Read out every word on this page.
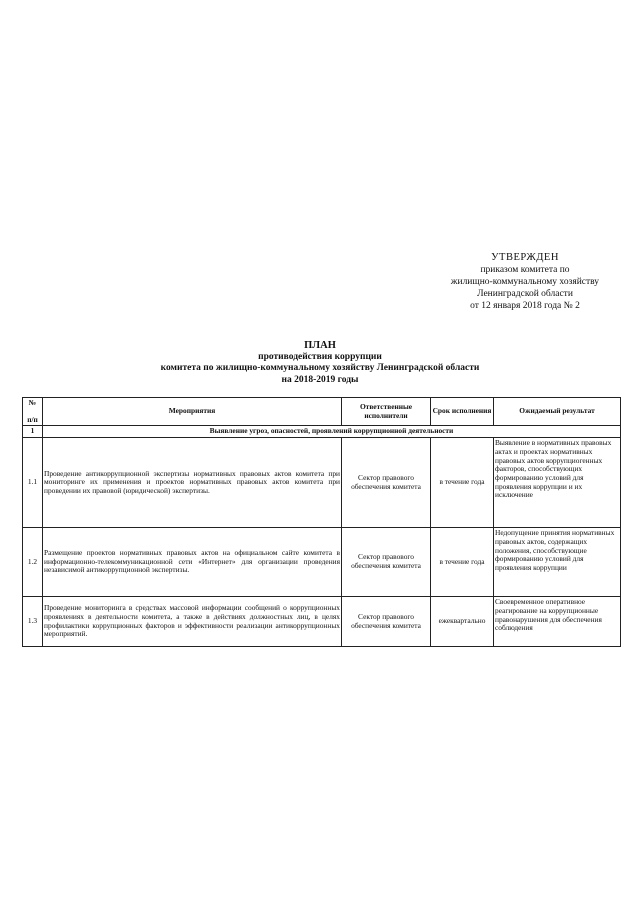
УТВЕРЖДЕН
приказом комитета по
жилищно-коммунальному хозяйству
Ленинградской области
от 12 января 2018 года № 2
ПЛАН
противодействия коррупции
комитета по жилищно-коммунальному хозяйству Ленинградской области
на 2018-2019 годы
№
п/п	Мероприятия	Ответственные исполнители	Срок исполнения	Ожидаемый результат
1	Выявление угроз, опасностей, проявлений коррупционной деятельности			
1.1	Проведение антикоррупционной экспертизы нормативных правовых актов комитета при мониторинге их применения и проектов нормативных правовых актов комитета при проведении их правовой (юридической) экспертизы.	Сектор правового обеспечения комитета	в течение года	Выявление в нормативных правовых актах и проектах нормативных правовых актов коррупциогенных факторов, способствующих формированию условий для проявления коррупции и их исключение

1.2	Размещение проектов нормативных правовых актов на официальном сайте комитета в информационно-телекоммуникационной сети «Интернет» для организации проведения независимой антикоррупционной экспертизы.	Сектор правового обеспечения комитета	в течение года	Недопущение принятия нормативных правовых актов, содержащих положения, способствующие формированию условий для проявления коррупции

1.3	Проведение мониторинга в средствах массовой информации сообщений о коррупционных проявлениях в деятельности комитета, а также в действиях должностных лиц, в целях профилактики коррупционных факторов и эффективности реализации антикоррупционных мероприятий.	Сектор правового обеспечения комитета	ежеквартально	Своевременное оперативное реагирование на коррупционные правонарушения для обеспечения соблюдения
